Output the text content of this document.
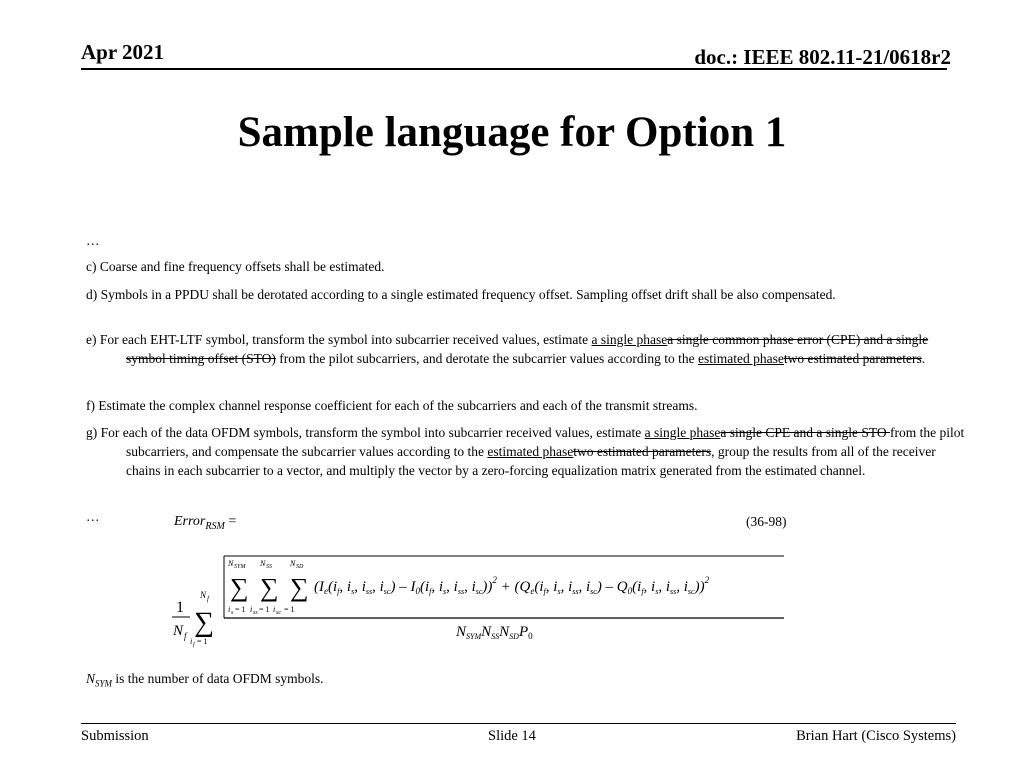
Apr 2021	doc.: IEEE 802.11-21/0618r2
Sample language for Option 1
…
c) Coarse and fine frequency offsets shall be estimated.
d) Symbols in a PPDU shall be derotated according to a single estimated frequency offset. Sampling offset drift shall be also compensated.
e) For each EHT-LTF symbol, transform the symbol into subcarrier received values, estimate a single phasea single common phase error (CPE) and a single symbol timing offset (STO) from the pilot subcarriers, and derotate the subcarrier values according to the estimated phasetwo estimated parameters.
f) Estimate the complex channel response coefficient for each of the subcarriers and each of the transmit streams.
g) For each of the data OFDM symbols, transform the symbol into subcarrier received values, estimate a single phasea single CPE and a single STO from the pilot subcarriers, and compensate the subcarrier values according to the estimated phasetwo estimated parameters, group the results from all of the receiver chains in each subcarrier to a vector, and multiply the vector by a zero-forcing equalization matrix generated from the estimated channel.
…	Error$_{RSM}$ =	(36-98)
1
N f
N f
∑
i f = 1
N SYM N SS N SD
∑ ∑ ∑
i s = 1 i ss = 1 i sc = 1
($I_e(i_f$, $i_s$, $i_{ss}$, $i_{sc}) - I_0(i_f$, $i_s$, $i_{ss}$, $i_{sc}))^2 + (Q_e(i_f$, $i_s$, $i_{ss}$, $i_{sc}) - Q_0(i_f$, $i_s$, $i_{ss}$, $i_{sc}))^2$
$N_{SYM}N_{SS}N_{SD}P_0$
$N_{SYM}$ is the number of data OFDM symbols.
Submission	Slide 14	Brian Hart (Cisco Systems)
